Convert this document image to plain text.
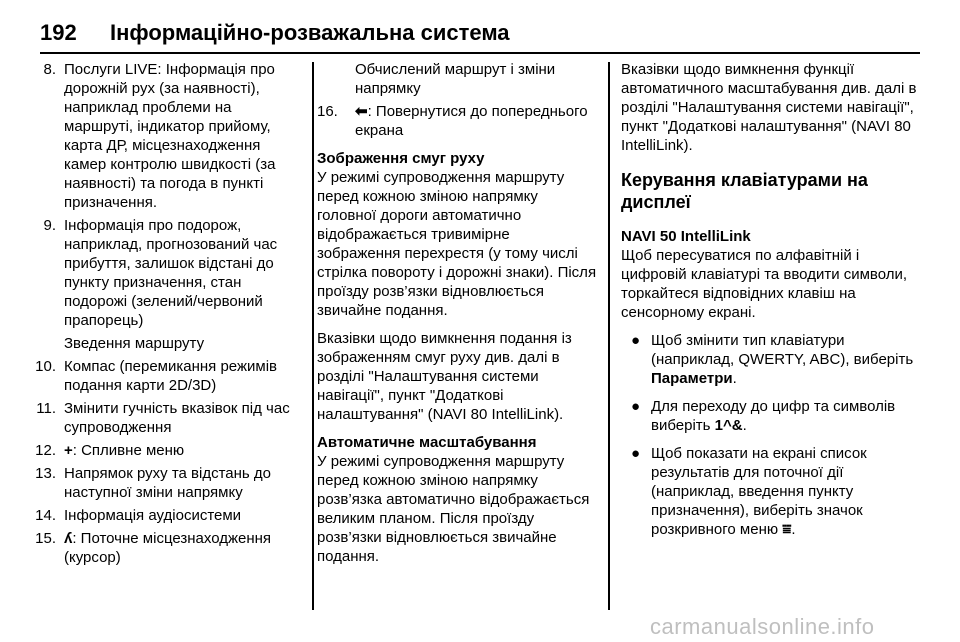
192 Інформаційно-розважальна система
8. Послуги LIVE: Інформація про дорожній рух (за наявності), наприклад проблеми на маршруті, індикатор прийому, карта ДР, місцезнаходження камер контролю швидкості (за наявності) та погода в пункті призначення.
9. Інформація про подорож, наприклад, прогнозований час прибуття, залишок відстані до пункту призначення, стан подорожі (зелений/червоний прапорець)
Зведення маршруту
10. Компас (перемикання режимів подання карти 2D/3D)
11. Змінити гучність вказівок під час супроводження
12. +: Спливне меню
13. Напрямок руху та відстань до наступної зміни напрямку
14. Інформація аудіосистеми
15. ʎ: Поточне місцезнаходження (курсор)
Обчислений маршрут і зміни напрямку
16.	⬅: Повернутися до попереднього екрана
Зображення смуг руху
У режимі супроводження маршруту перед кожною зміною напрямку головної дороги автоматично відображається тривимірне зображення перехрестя (у тому числі стрілка повороту і дорожні знаки). Після проїзду розв’язки відновлюється звичайне подання.
Вказівки щодо вимкнення подання із зображенням смуг руху див. далі в розділі "Налаштування системи навігації", пункт "Додаткові налаштування" (NAVI 80 IntelliLink).
Автоматичне масштабування
У режимі супроводження маршруту перед кожною зміною напрямку розв’язка автоматично відображається великим планом. Після проїзду розв’язки відновлюється звичайне подання.
Вказівки щодо вимкнення функції автоматичного масштабування див. далі в розділі "Налаштування системи навігації", пункт "Додаткові налаштування" (NAVI 80 IntelliLink).
Керування клавіатурами на дисплеї
NAVI 50 IntelliLink
Щоб пересуватися по алфавітній і цифровій клавіатурі та вводити символи, торкайтеся відповідних клавіш на сенсорному екрані.
● Щоб змінити тип клавіатури (наприклад, QWERTY, ABC), виберіть Параметри.
● Для переходу до цифр та символів виберіть 1^&.
● Щоб показати на екрані список результатів для поточної дії (наприклад, введення пункту призначення), виберіть значок розкривного меню ⩸.
carmanualsonline.info
